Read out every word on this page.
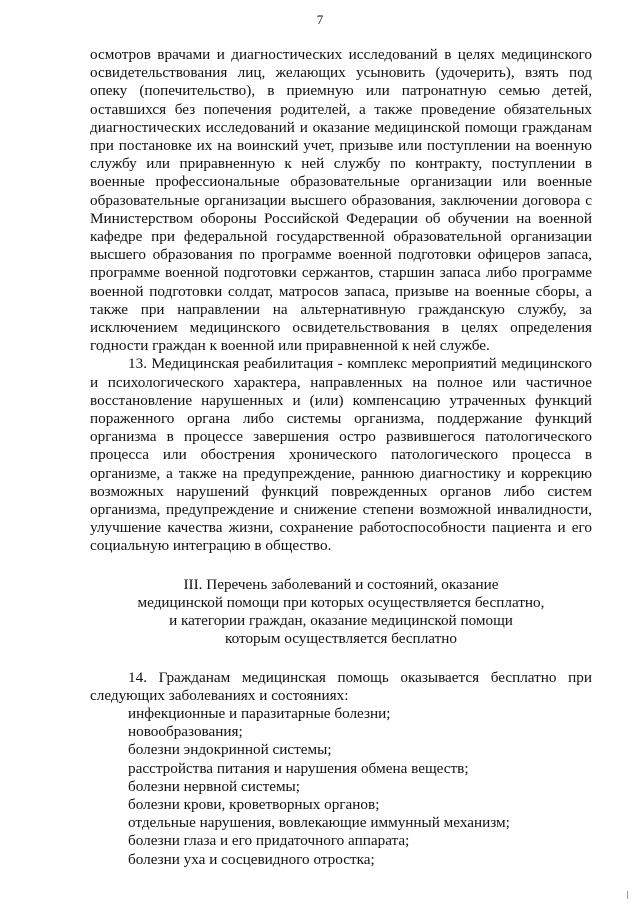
7

осмотров врачами и диагностических исследований в целях медицинского освидетельствования лиц, желающих усыновить (удочерить), взять под опеку (попечительство), в приемную или патронатную семью детей, оставшихся без попечения родителей, а также проведение обязательных диагностических исследований и оказание медицинской помощи гражданам при постановке их на воинский учет, призыве или поступлении на военную службу или приравненную к ней службу по контракту, поступлении в военные профессиональные образовательные организации или военные образовательные организации высшего образования, заключении договора с Министерством обороны Российской Федерации об обучении на военной кафедре при федеральной государственной образовательной организации высшего образования по программе военной подготовки офицеров запаса, программе военной подготовки сержантов, старшин запаса либо программе военной подготовки солдат, матросов запаса, призыве на военные сборы, а также при направлении на альтернативную гражданскую службу, за исключением медицинского освидетельствования в целях определения годности граждан к военной или приравненной к ней службе.

13. Медицинская реабилитация - комплекс мероприятий медицинского и психологического характера, направленных на полное или частичное восстановление нарушенных и (или) компенсацию утраченных функций пораженного органа либо системы организма, поддержание функций организма в процессе завершения остро развившегося патологического процесса или обострения хронического патологического процесса в организме, а также на предупреждение, раннюю диагностику и коррекцию возможных нарушений функций поврежденных органов либо систем организма, предупреждение и снижение степени возможной инвалидности, улучшение качества жизни, сохранение работоспособности пациента и его социальную интеграцию в общество.

III. Перечень заболеваний и состояний, оказание
медицинской помощи при которых осуществляется бесплатно,
и категории граждан, оказание медицинской помощи
которым осуществляется бесплатно

14. Гражданам медицинская помощь оказывается бесплатно при следующих заболеваниях и состояниях:

инфекционные и паразитарные болезни;
новообразования;
болезни эндокринной системы;
расстройства питания и нарушения обмена веществ;
болезни нервной системы;
болезни крови, кроветворных органов;
отдельные нарушения, вовлекающие иммунный механизм;
болезни глаза и его придаточного аппарата;
болезни уха и сосцевидного отростка;
